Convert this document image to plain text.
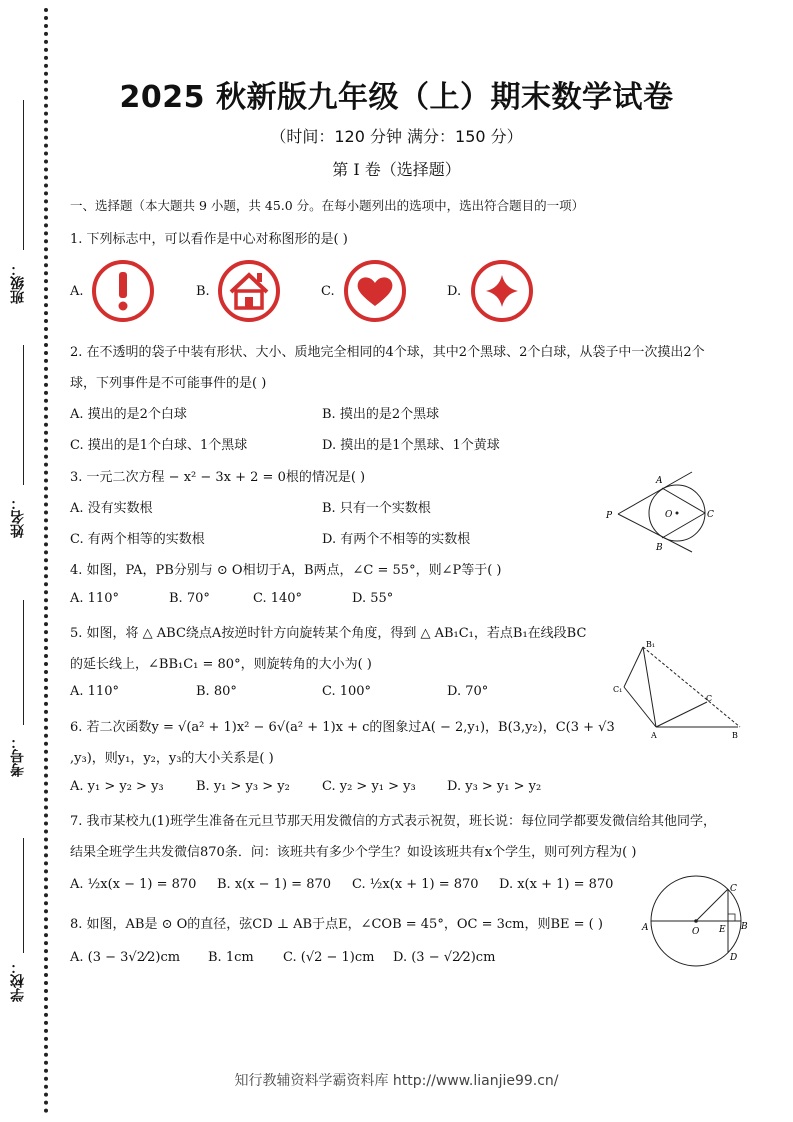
班级：
姓名：
考号：
学校：
2025 秋新版九年级（上）期末数学试卷
（时间：120 分钟 满分：150 分）
第 I 卷（选择题）
一、选择题（本大题共 9 小题，共 45.0 分。在每小题列出的选项中，选出符合题目的一项）
1. 下列标志中，可以看作是中心对称图形的是( )
A.	B.	C.	D.
2. 在不透明的袋子中装有形状、大小、质地完全相同的4个球，其中2个黑球、2个白球，从袋子中一次摸出2个
球，下列事件是不可能事件的是( )
A. 摸出的是2个白球	B. 摸出的是2个黑球
C. 摸出的是1个白球、1个黑球	D. 摸出的是1个黑球、1个黄球
3. 一元二次方程 − x² − 3x + 2 = 0根的情况是( )
A. 没有实数根	B. 只有一个实数根
C. 有两个相等的实数根	D. 有两个不相等的实数根
A
B
P	O	C
4. 如图，PA，PB分别与 ⊙ O相切于A，B两点，∠C = 55°，则∠P等于( )
A. 110°	B. 70°	C. 140°	D. 55°
B₁
C₁
C
A	B
5. 如图，将 △ ABC绕点A按逆时针方向旋转某个角度，得到 △ AB₁C₁，若点B₁在线段BC
的延长线上，∠BB₁C₁ = 80°，则旋转角的大小为( )
A. 110°	B. 80°	C. 100°	D. 70°
6. 若二次函数y = √(a² + 1)x² − 6√(a² + 1)x + c的图象过A( − 2,y₁)，B(3,y₂)，C(3 + √3
,y₃)，则y₁，y₂，y₃的大小关系是( )
A. y₁ > y₂ > y₃ B. y₁ > y₃ > y₂ C. y₂ > y₁ > y₃ D. y₃ > y₁ > y₂
7. 我市某校九(1)班学生准备在元旦节那天用发微信的方式表示祝贺，班长说：每位同学都要发微信给其他同学，
结果全班学生共发微信870条．问：该班共有多少个学生？如设该班共有x个学生，则可列方程为( )
A. ½x(x − 1) = 870 B. x(x − 1) = 870 C. ½x(x + 1) = 870 D. x(x + 1) = 870
A	O E B
C
D
8. 如图，AB是 ⊙ O的直径，弦CD ⊥ AB于点E，∠COB = 45°，OC = 3cm，则BE = ( )
A. (3 − 3√2⁄2)cm B. 1cm C. (√2 − 1)cm D. (3 − √2⁄2)cm
知行教辅资料学霸资料库 http://www.lianjie99.cn/
